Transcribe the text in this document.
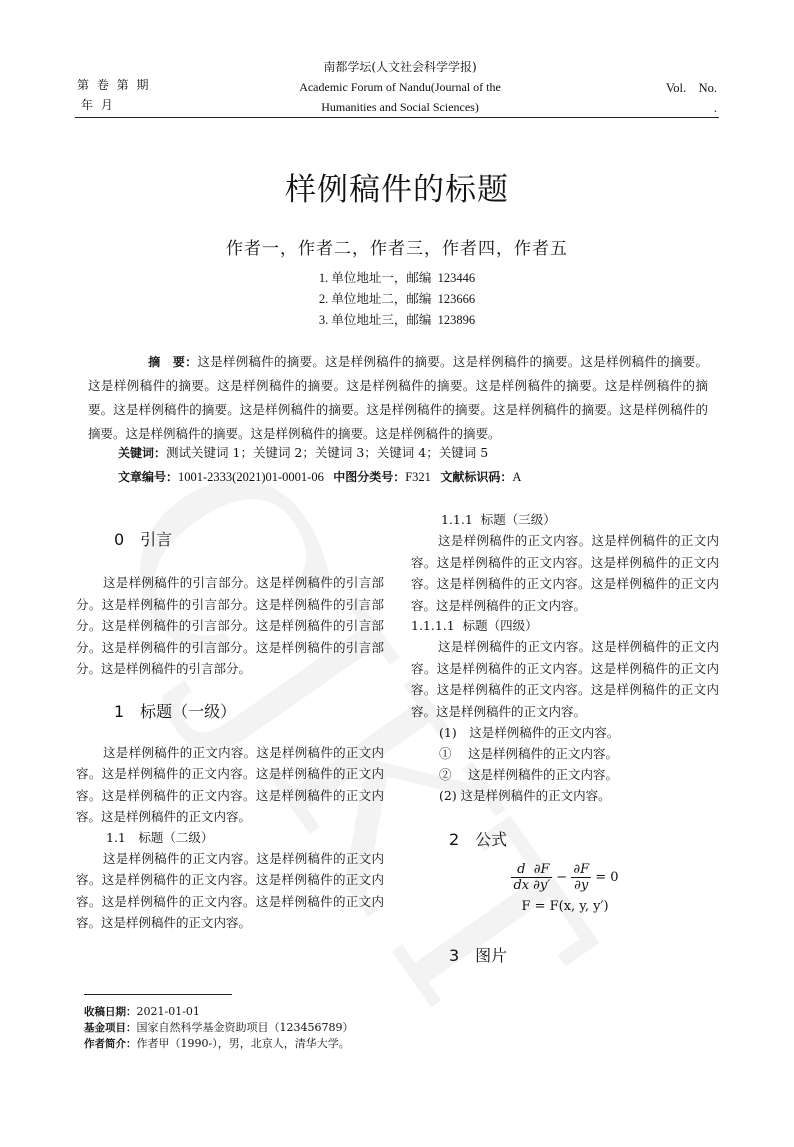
第 卷 第 期
年 月
南都学坛(人文社会科学学报)
Academic Forum of Nandu(Journal of the
Humanities and Social Sciences)
Vol.    No.
.
样例稿件的标题
作者一，作者二，作者三，作者四，作者五
1. 单位地址一，邮编  123446
2. 单位地址二，邮编  123666
3. 单位地址三，邮编  123896
摘　要：这是样例稿件的摘要。这是样例稿件的摘要。这是样例稿件的摘要。这是样例稿件的摘要。这是样例稿件的摘要。这是样例稿件的摘要。这是样例稿件的摘要。这是样例稿件的摘要。这是样例稿件的摘要。这是样例稿件的摘要。这是样例稿件的摘要。这是样例稿件的摘要。这是样例稿件的摘要。这是样例稿件的摘要。这是样例稿件的摘要。这是样例稿件的摘要。这是样例稿件的摘要。
关键词：测试关键词 1；关键词 2；关键词 3；关键词 4；关键词 5
文章编号：1001-2333(2021)01-0001-06 中图分类号：F321 文献标识码：A
0　引言

这是样例稿件的引言部分。这是样例稿件的引言部分。这是样例稿件的引言部分。这是样例稿件的引言部分。这是样例稿件的引言部分。这是样例稿件的引言部分。这是样例稿件的引言部分。这是样例稿件的引言部分。这是样例稿件的引言部分。

1　标题（一级）

这是样例稿件的正文内容。这是样例稿件的正文内容。这是样例稿件的正文内容。这是样例稿件的正文内容。这是样例稿件的正文内容。这是样例稿件的正文内容。这是样例稿件的正文内容。

1.1　标题（二级）

这是样例稿件的正文内容。这是样例稿件的正文内容。这是样例稿件的正文内容。这是样例稿件的正文内容。这是样例稿件的正文内容。这是样例稿件的正文内容。这是样例稿件的正文内容。

1.1.1  标题（三级）

这是样例稿件的正文内容。这是样例稿件的正文内容。这是样例稿件的正文内容。这是样例稿件的正文内容。这是样例稿件的正文内容。这是样例稿件的正文内容。这是样例稿件的正文内容。

1.1.1.1  标题（四级）

这是样例稿件的正文内容。这是样例稿件的正文内容。这是样例稿件的正文内容。这是样例稿件的正文内容。这是样例稿件的正文内容。这是样例稿件的正文内容。这是样例稿件的正文内容。

(1)　这是样例稿件的正文内容。
①　 这是样例稿件的正文内容。
②　 这是样例稿件的正文内容。
(2) 这是样例稿件的正文内容。
2　公式
$\frac{d}{dx} \frac{\partial F}{\partial y'} - \frac{\partial F}{\partial y} = 0$
F = F(x, y, y′)
3　图片
收稿日期：2021-01-01
基金项目：国家自然科学基金资助项目（123456789）
作者简介：作者甲（1990-），男，北京人，清华大学。
